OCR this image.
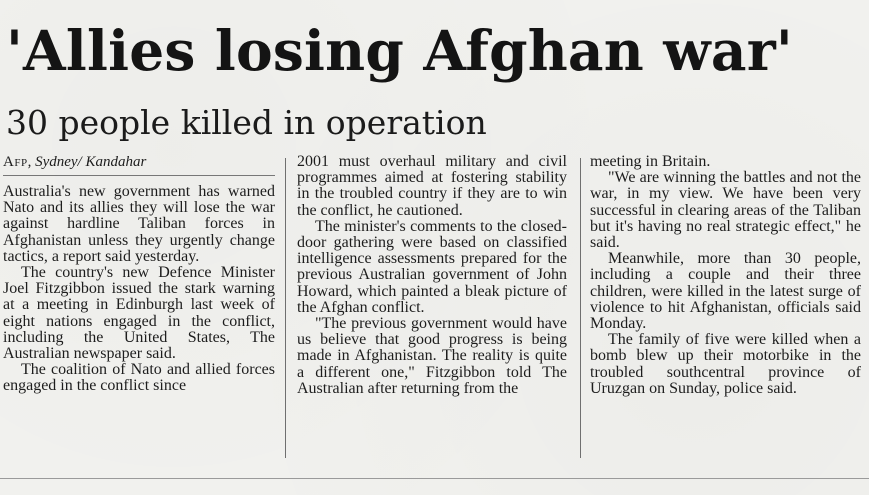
'Allies losing Afghan war'
30 people killed in operation

Afp, Sydney/ Kandahar

Australia's new government has warned Nato and its allies they will lose the war against hardline Taliban forces in Afghanistan unless they urgently change tactics, a report said yesterday.

The country's new Defence Minister Joel Fitzgibbon issued the stark warning at a meeting in Edinburgh last week of eight nations engaged in the conflict, including the United States, The Australian newspaper said.

The coalition of Nato and allied forces engaged in the conflict since

2001 must overhaul military and civil programmes aimed at fostering stability in the troubled country if they are to win the conflict, he cautioned.

The minister's comments to the closed-door gathering were based on classified intelligence assessments prepared for the previous Australian government of John Howard, which painted a bleak picture of the Afghan conflict.

"The previous government would have us believe that good progress is being made in Afghanistan. The reality is quite a different one," Fitzgibbon told The Australian after returning from the

meeting in Britain.

"We are winning the battles and not the war, in my view. We have been very successful in clearing areas of the Taliban but it's having no real strategic effect," he said.

Meanwhile, more than 30 people, including a couple and their three children, were killed in the latest surge of violence to hit Afghanistan, officials said Monday.

The family of five were killed when a bomb blew up their motorbike in the troubled southcentral province of Uruzgan on Sunday, police said.
